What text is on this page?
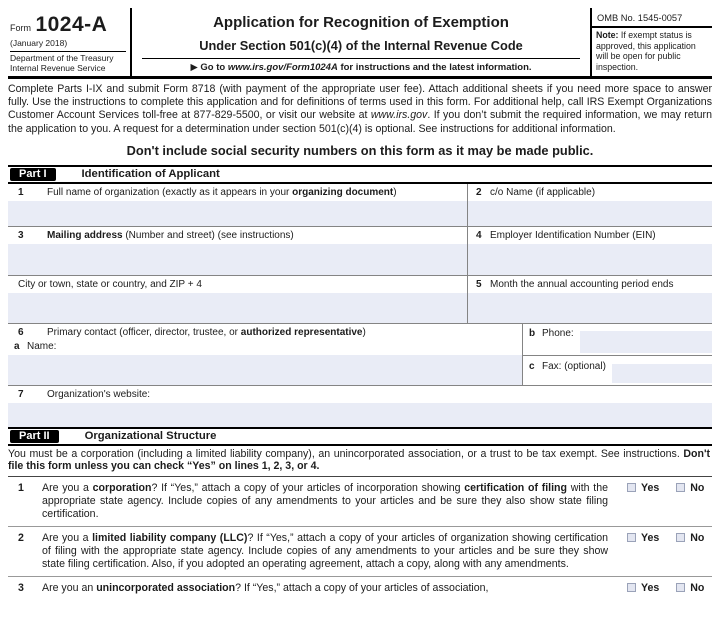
Form 1024-A
(January 2018)
Department of the Treasury
Internal Revenue Service
Application for Recognition of Exemption
Under Section 501(c)(4) of the Internal Revenue Code
▶ Go to www.irs.gov/Form1024A for instructions and the latest information.
OMB No. 1545-0057
Note: If exempt status is approved, this application will be open for public inspection.
Complete Parts I-IX and submit Form 8718 (with payment of the appropriate user fee). Attach additional sheets if you need more space to answer fully. Use the instructions to complete this application and for definitions of terms used in this form. For additional help, call IRS Exempt Organizations Customer Account Services toll-free at 877-829-5500, or visit our website at www.irs.gov. If you don’t submit the required information, we may return the application to you. A request for a determination under section 501(c)(4) is optional. See instructions for additional information.
Don't include social security numbers on this form as it may be made public.
Part I	Identification of Applicant
1	Full name of organization (exactly as it appears in your organizing document)	2 c/o Name (if applicable)
3	Mailing address (Number and street) (see instructions)	4 Employer Identification Number (EIN)
City or town, state or country, and ZIP + 4	5 Month the annual accounting period ends
6	Primary contact (officer, director, trustee, or authorized representative)
a Name:
b Phone:
c Fax: (optional)
7	Organization's website:
Part II	Organizational Structure
You must be a corporation (including a limited liability company), an unincorporated association, or a trust to be tax exempt. See instructions. Don't file this form unless you can check “Yes” on lines 1, 2, 3, or 4.
1	Are you a corporation? If “Yes,” attach a copy of your articles of incorporation showing certification of filing with the appropriate state agency. Include copies of any amendments to your articles and be sure they also show state filing certification.
Yes	No
2	Are you a limited liability company (LLC)? If “Yes,” attach a copy of your articles of organization showing certification of filing with the appropriate state agency. Include copies of any amendments to your articles and be sure they show state filing certification. Also, if you adopted an operating agreement, attach a copy, along with any amendments.
Yes	No
3	Are you an unincorporated association? If “Yes,” attach a copy of your articles of association,	Yes	No
